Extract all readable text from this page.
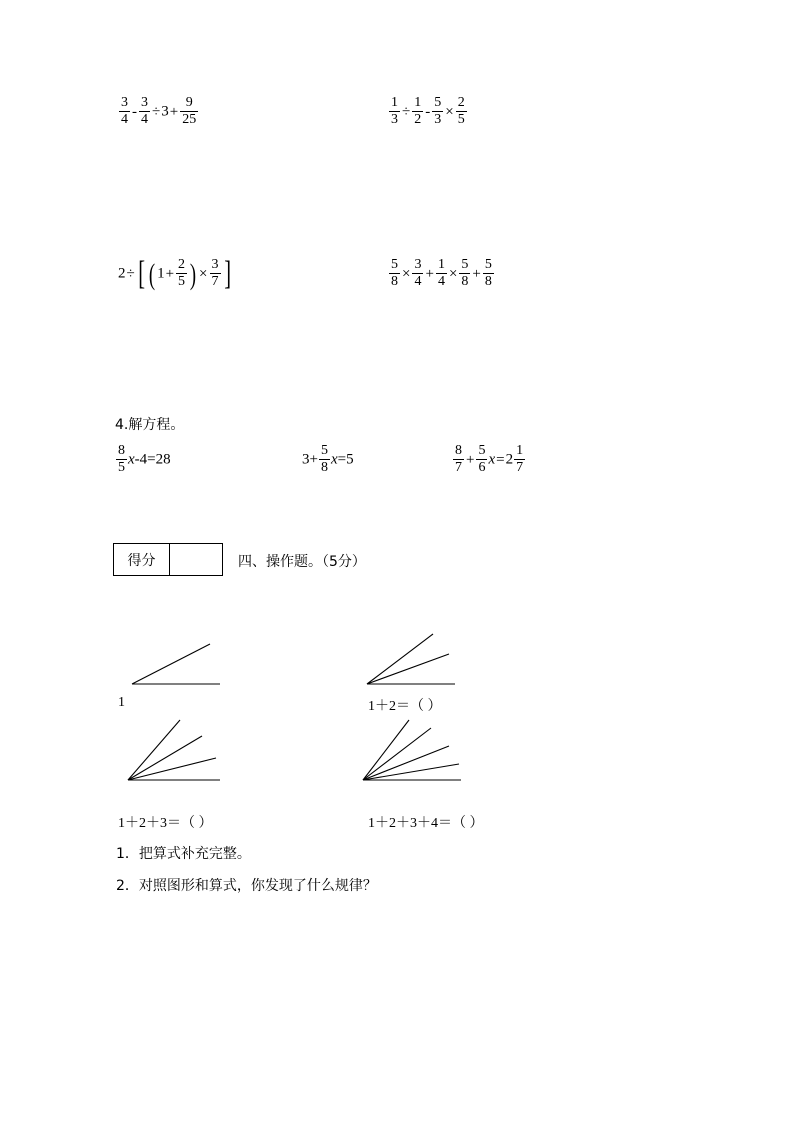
$\frac{3}{4} - \frac{3}{4} \div 3+ \frac{9}{25}$	$\frac{1}{3} \div \frac{1}{2} - \frac{5}{3} \times \frac{2}{5}$
2÷[ ( $1+ \frac{2}{5}$ ) × $\frac{3}{7}$ ]	$\frac{5}{8} \times \frac{3}{4} + \frac{1}{4} \times \frac{5}{8} + \frac{5}{8}$
4.解方程。
$\frac{8}{5} x-4=28$	$3+ \frac{5}{8} x=5$	$\frac{8}{7} + \frac{5}{6} x=2 \frac{1}{7}$
得分	四、操作题。（5分）
1	1＋2＝（ ）
1＋2＋3＝（ ）	1＋2＋3＋4＝（ ）
1．把算式补充完整。
2．对照图形和算式，你发现了什么规律？
